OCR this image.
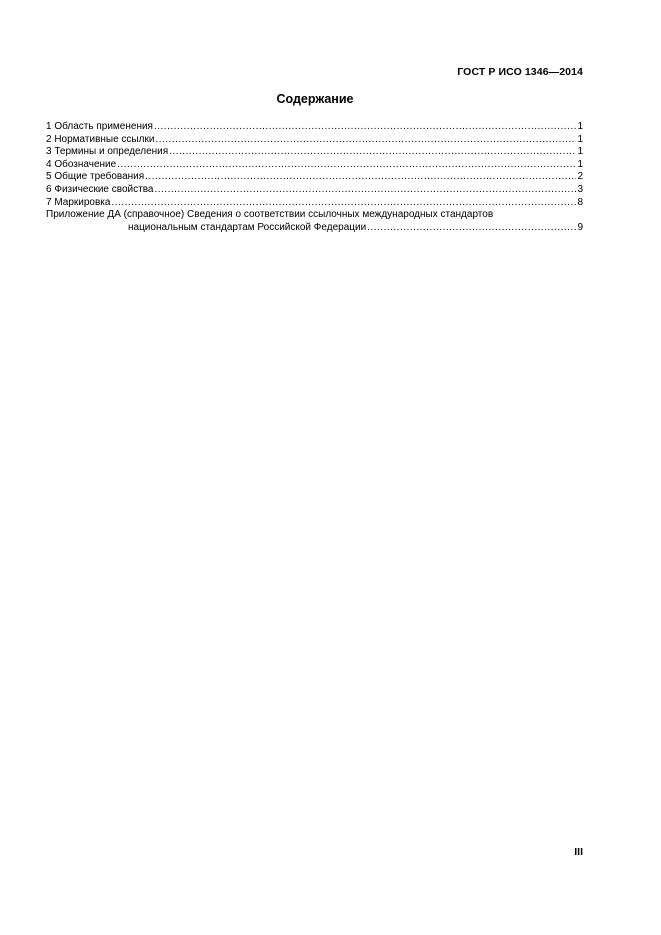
ГОСТ Р ИСО 1346—2014
Содержание
1 Область применения .....	1
2 Нормативные ссылки .....	1
3 Термины и определения .....	1
4 Обозначение .....	1
5 Общие требования .....	2
6 Физические свойства .....	3
7 Маркировка .....	8
Приложение ДА (справочное) Сведения о соответствии ссылочных международных стандартов
национальным стандартам Российской Федерации .....	9
III
